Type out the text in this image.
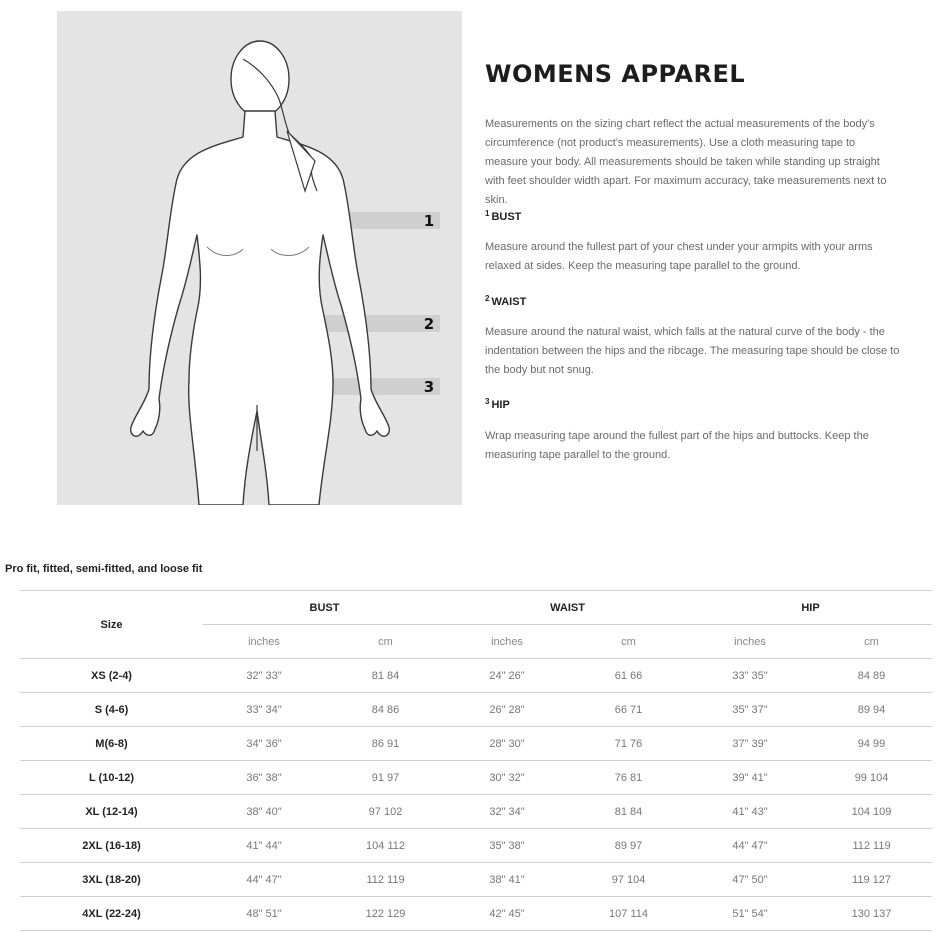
1
2
3
WOMENS APPAREL

Measurements on the sizing chart reflect the actual measurements of the body's circumference (not product's measurements). Use a cloth measuring tape to measure your body. All measurements should be taken while standing up straight with feet shoulder width apart. For maximum accuracy, take measurements next to skin.

$^1$ BUST

Measure around the fullest part of your chest under your armpits with your arms relaxed at sides. Keep the measuring tape parallel to the ground.

$^2$ WAIST

Measure around the natural waist, which falls at the natural curve of the body - the indentation between the hips and the ribcage. The measuring tape should be close to the body but not snug.

$^3$ HIP

Wrap measuring tape around the fullest part of the hips and buttocks. Keep the measuring tape parallel to the ground.

Pro fit, fitted, semi-fitted, and loose fit
Size	BUST		WAIST		HIP	
	inches	cm	inches	cm	inches	cm
XS (2-4)	32" 33"	81 84	24" 26"	61 66	33" 35"	84 89
S (4-6)	33" 34"	84 86	26" 28"	66 71	35" 37"	89 94
M(6-8)	34" 36"	86 91	28" 30"	71 76	37" 39"	94 99
L (10-12)	36" 38"	91 97	30" 32"	76 81	39" 41"	99 104
XL (12-14)	38" 40"	97 102	32" 34"	81 84	41" 43"	104 109
2XL (16-18)	41" 44"	104 112	35" 38"	89 97	44" 47"	112 119
3XL (18-20)	44" 47"	112 119	38" 41"	97 104	47" 50"	119 127
4XL (22-24)	48" 51"	122 129	42" 45"	107 114	51" 54"	130 137
